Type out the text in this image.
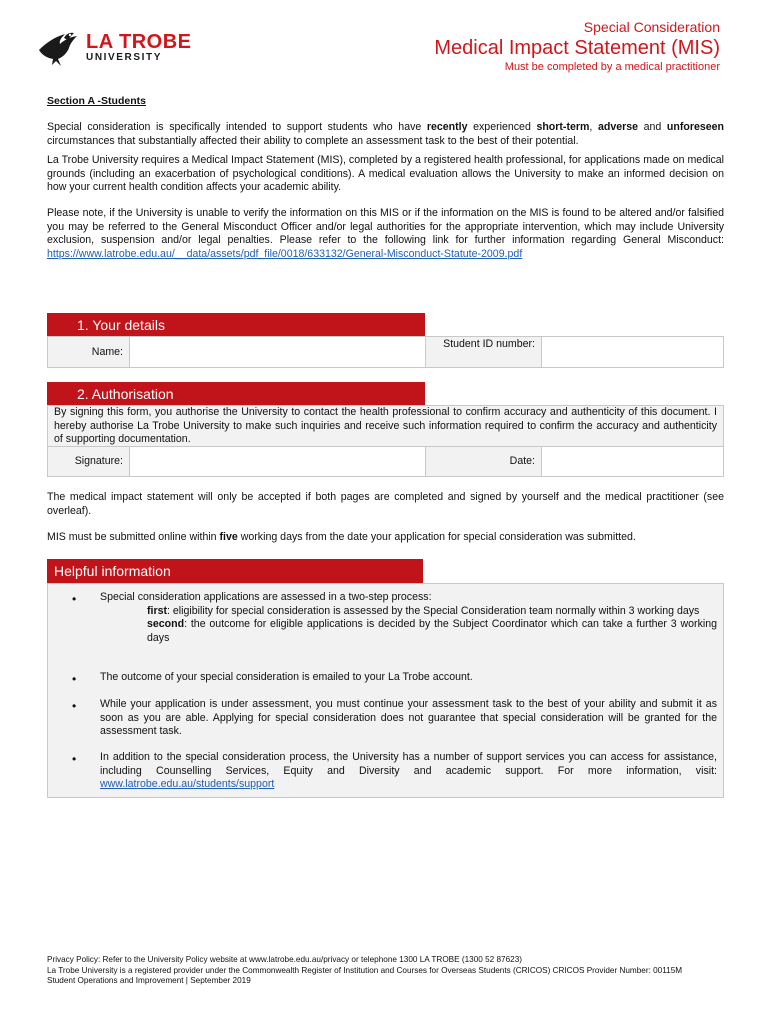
LA TROBE
UNIVERSITY
Special Consideration
Medical Impact Statement (MIS)
Must be completed by a medical practitioner
Section A -Students
Special consideration is specifically intended to support students who have recently experienced short-term, adverse and unforeseen circumstances that substantially affected their ability to complete an assessment task to the best of their potential.
La Trobe University requires a Medical Impact Statement (MIS), completed by a registered health professional, for applications made on medical grounds (including an exacerbation of psychological conditions). A medical evaluation allows the University to make an informed decision on how your current health condition affects your academic ability.
Please note, if the University is unable to verify the information on this MIS or if the information on the MIS is found to be altered and/or falsified you may be referred to the General Misconduct Officer and/or legal authorities for the appropriate intervention, which may include University exclusion, suspension and/or legal penalties. Please refer to the following link for further information regarding General Misconduct: https://www.latrobe.edu.au/__data/assets/pdf_file/0018/633132/General-Misconduct-Statute-2009.pdf
1. Your details
Name:
Student ID number:
2. Authorisation
By signing this form, you authorise the University to contact the health professional to confirm accuracy and authenticity of this document. I hereby authorise La Trobe University to make such inquiries and receive such information required to confirm the accuracy and authenticity of supporting documentation.
Signature:	Date:
The medical impact statement will only be accepted if both pages are completed and signed by yourself and the medical practitioner (see overleaf).
MIS must be submitted online within five working days from the date your application for special consideration was submitted.
Helpful information
• Special consideration applications are assessed in a two-step process:
first: eligibility for special consideration is assessed by the Special Consideration team normally within 3 working days
second: the outcome for eligible applications is decided by the Subject Coordinator which can take a further 3 working days
• The outcome of your special consideration is emailed to your La Trobe account.
• While your application is under assessment, you must continue your assessment task to the best of your ability and submit it as soon as you are able. Applying for special consideration does not guarantee that special consideration will be granted for the assessment task.
• In addition to the special consideration process, the University has a number of support services you can access for assistance, including Counselling Services, Equity and Diversity and academic support. For more information, visit: www.latrobe.edu.au/students/support
Privacy Policy: Refer to the University Policy website at www.latrobe.edu.au/privacy or telephone 1300 LA TROBE (1300 52 87623)
La Trobe University is a registered provider under the Commonwealth Register of Institution and Courses for Overseas Students (CRICOS) CRICOS Provider Number: 00115M
Student Operations and Improvement | September 2019
